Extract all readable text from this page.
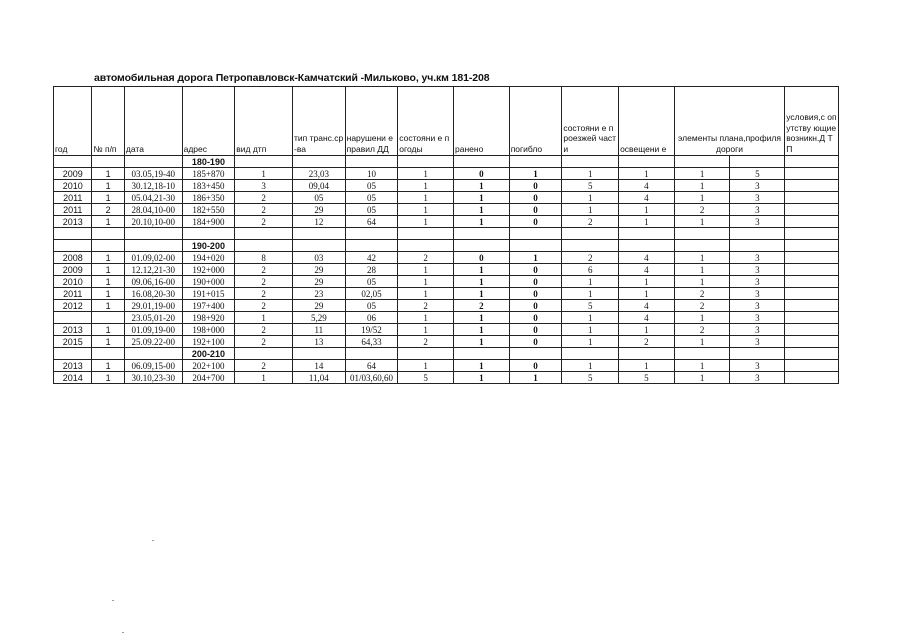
автомобильная дорога Петропавловск-Камчатский -Мильково, уч.км 181-208
год	№ п/п	дата	адрес	вид дтп	тип транс.ср-ва	нарушени е правил ДД	состояни е погоды	ранено	погибло	состояни е проезжей части	освещени е	элементы плана,профиля дороги		условия,с опутству ющие возникн.Д ТП
			180-190											
2009	1	03.05,19-40	185+870	1	23,03	10	1	0	1	1	1	1	5	
2010	1	30.12,18-10	183+450	3	09,04	05	1	1	0	5	4	1	3	
2011	1	05.04,21-30	186+350	2	05	05	1	1	0	1	4	1	3	
2011	2	28.04,10-00	182+550	2	29	05	1	1	0	1	1	2	3	
2013	1	20.10,10-00	184+900	2	12	64	1	1	0	2	1	1	3	

			190-200											
2008	1	01.09,02-00	194+020	8	03	42	2	0	1	2	4	1	3	
2009	1	12.12,21-30	192+000	2	29	28	1	1	0	6	4	1	3	
2010	1	09.06,16-00	190+000	2	29	05	1	1	0	1	1	1	3	
2011	1	16.08,20-30	191+015	2	23	02,05	1	1	0	1	1	2	3	
2012	1	29.01,19-00	197+400	2	29	05	2	2	0	5	4	2	3	
		23.05,01-20	198+920	1	5,29	06	1	1	0	1	4	1	3	
2013	1	01.09,19-00	198+000	2	11	19/52	1	1	0	1	1	2	3	
2015	1	25.09.22-00	192+100	2	13	64,33	2	1	0	1	2	1	3	
			200-210											
2013	1	06.09,15-00	202+100	2	14	64	1	1	0	1	1	1	3	
2014	1	30.10,23-30	204+700	1	11,04	01/03,60,60	5	1	1	5	5	1	3	
